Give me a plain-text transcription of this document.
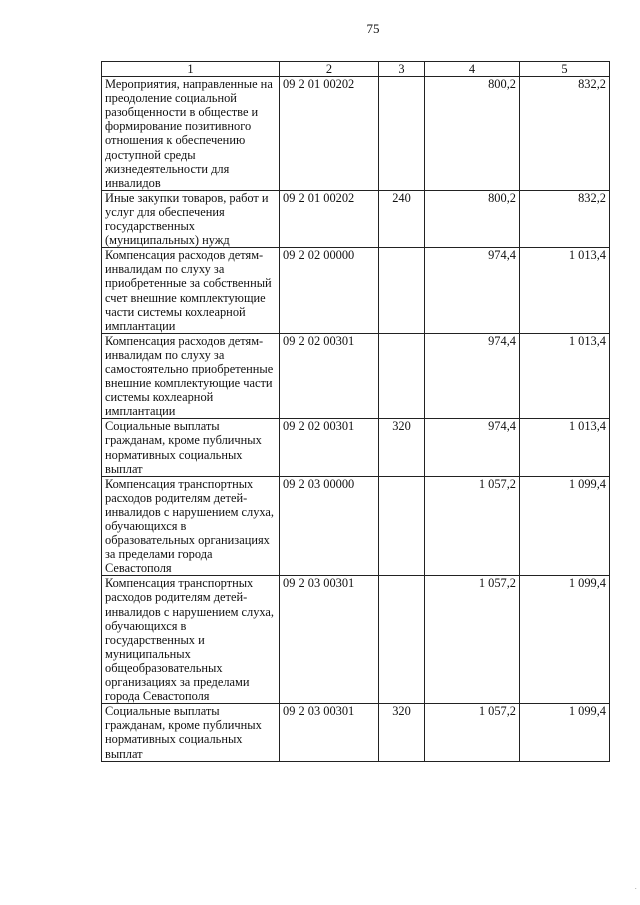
75
1	2	3	4	5
Мероприятия, направленные на преодоление социальной разобщенности в обществе и формирование позитивного отношения к обеспечению доступной среды жизнедеятельности для инвалидов	09 2 01 00202		800,2	832,2
Иные закупки товаров, работ и услуг для обеспечения государственных (муниципальных) нужд	09 2 01 00202	240	800,2	832,2
Компенсация расходов детям-инвалидам по слуху за приобретенные за собственный счет внешние комплектующие части системы кохлеарной имплантации	09 2 02 00000		974,4	1 013,4
Компенсация расходов детям-инвалидам по слуху за самостоятельно приобретенные внешние комплектующие части системы кохлеарной имплантации	09 2 02 00301		974,4	1 013,4
Социальные выплаты гражданам, кроме публичных нормативных социальных выплат	09 2 02 00301	320	974,4	1 013,4
Компенсация транспортных расходов родителям детей-инвалидов с нарушением слуха, обучающихся в образовательных организациях за пределами города Севастополя	09 2 03 00000		1 057,2	1 099,4
Компенсация транспортных расходов родителям детей-инвалидов с нарушением слуха, обучающихся в государственных и муниципальных общеобразовательных организациях за пределами города Севастополя	09 2 03 00301		1 057,2	1 099,4
Социальные выплаты гражданам, кроме публичных нормативных социальных выплат	09 2 03 00301	320	1 057,2	1 099,4
·
